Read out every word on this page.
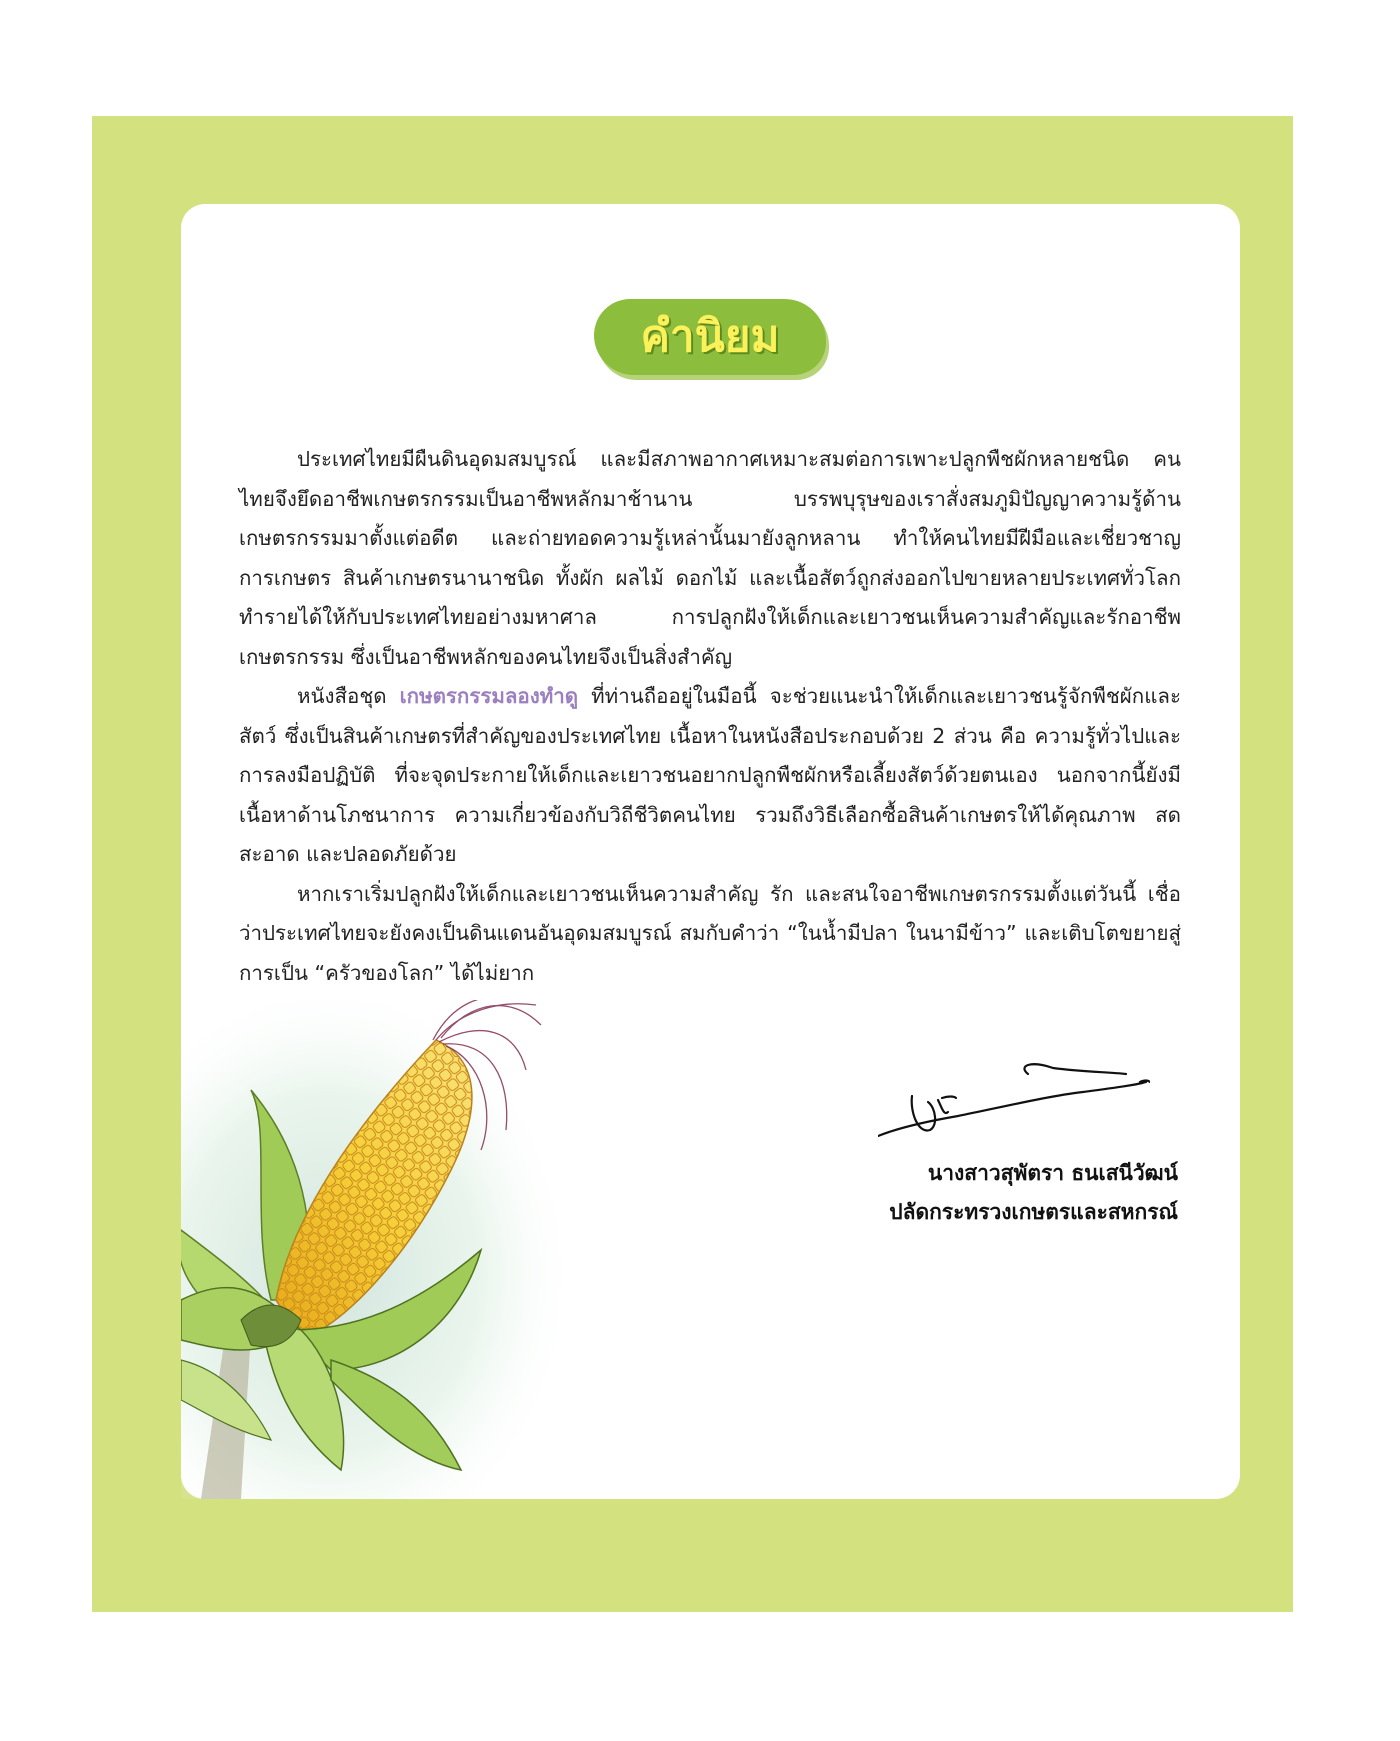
คำนิยม

ประเทศไทยมีผืนดินอุดมสมบูรณ์ และมีสภาพอากาศเหมาะสมต่อการเพาะปลูกพืชผักหลายชนิด คนไทยจึงยึดอาชีพเกษตรกรรมเป็นอาชีพหลักมาช้านาน บรรพบุรุษของเราสั่งสมภูมิปัญญาความรู้ด้านเกษตรกรรมมาตั้งแต่อดีต และถ่ายทอดความรู้เหล่านั้นมายังลูกหลาน ทำให้คนไทยมีฝีมือและเชี่ยวชาญการเกษตร สินค้าเกษตรนานาชนิด ทั้งผัก ผลไม้ ดอกไม้ และเนื้อสัตว์ถูกส่งออกไปขายหลายประเทศทั่วโลก ทำรายได้ให้กับประเทศไทยอย่างมหาศาล การปลูกฝังให้เด็กและเยาวชนเห็นความสำคัญและรักอาชีพเกษตรกรรม ซึ่งเป็นอาชีพหลักของคนไทยจึงเป็นสิ่งสำคัญ

หนังสือชุด เกษตรกรรมลองทำดู ที่ท่านถืออยู่ในมือนี้ จะช่วยแนะนำให้เด็กและเยาวชนรู้จักพืชผักและสัตว์ ซึ่งเป็นสินค้าเกษตรที่สำคัญของประเทศไทย เนื้อหาในหนังสือประกอบด้วย 2 ส่วน คือ ความรู้ทั่วไปและการลงมือปฏิบัติ ที่จะจุดประกายให้เด็กและเยาวชนอยากปลูกพืชผักหรือเลี้ยงสัตว์ด้วยตนเอง นอกจากนี้ยังมีเนื้อหาด้านโภชนาการ ความเกี่ยวข้องกับวิถีชีวิตคนไทย รวมถึงวิธีเลือกซื้อสินค้าเกษตรให้ได้คุณภาพ สด สะอาด และปลอดภัยด้วย

หากเราเริ่มปลูกฝังให้เด็กและเยาวชนเห็นความสำคัญ รัก และสนใจอาชีพเกษตรกรรมตั้งแต่วันนี้ เชื่อว่าประเทศไทยจะยังคงเป็นดินแดนอันอุดมสมบูรณ์ สมกับคำว่า “ในน้ำมีปลา ในนามีข้าว” และเติบโตขยายสู่การเป็น “ครัวของโลก” ได้ไม่ยาก

นางสาวสุพัตรา ธนเสนีวัฒน์
ปลัดกระทรวงเกษตรและสหกรณ์
